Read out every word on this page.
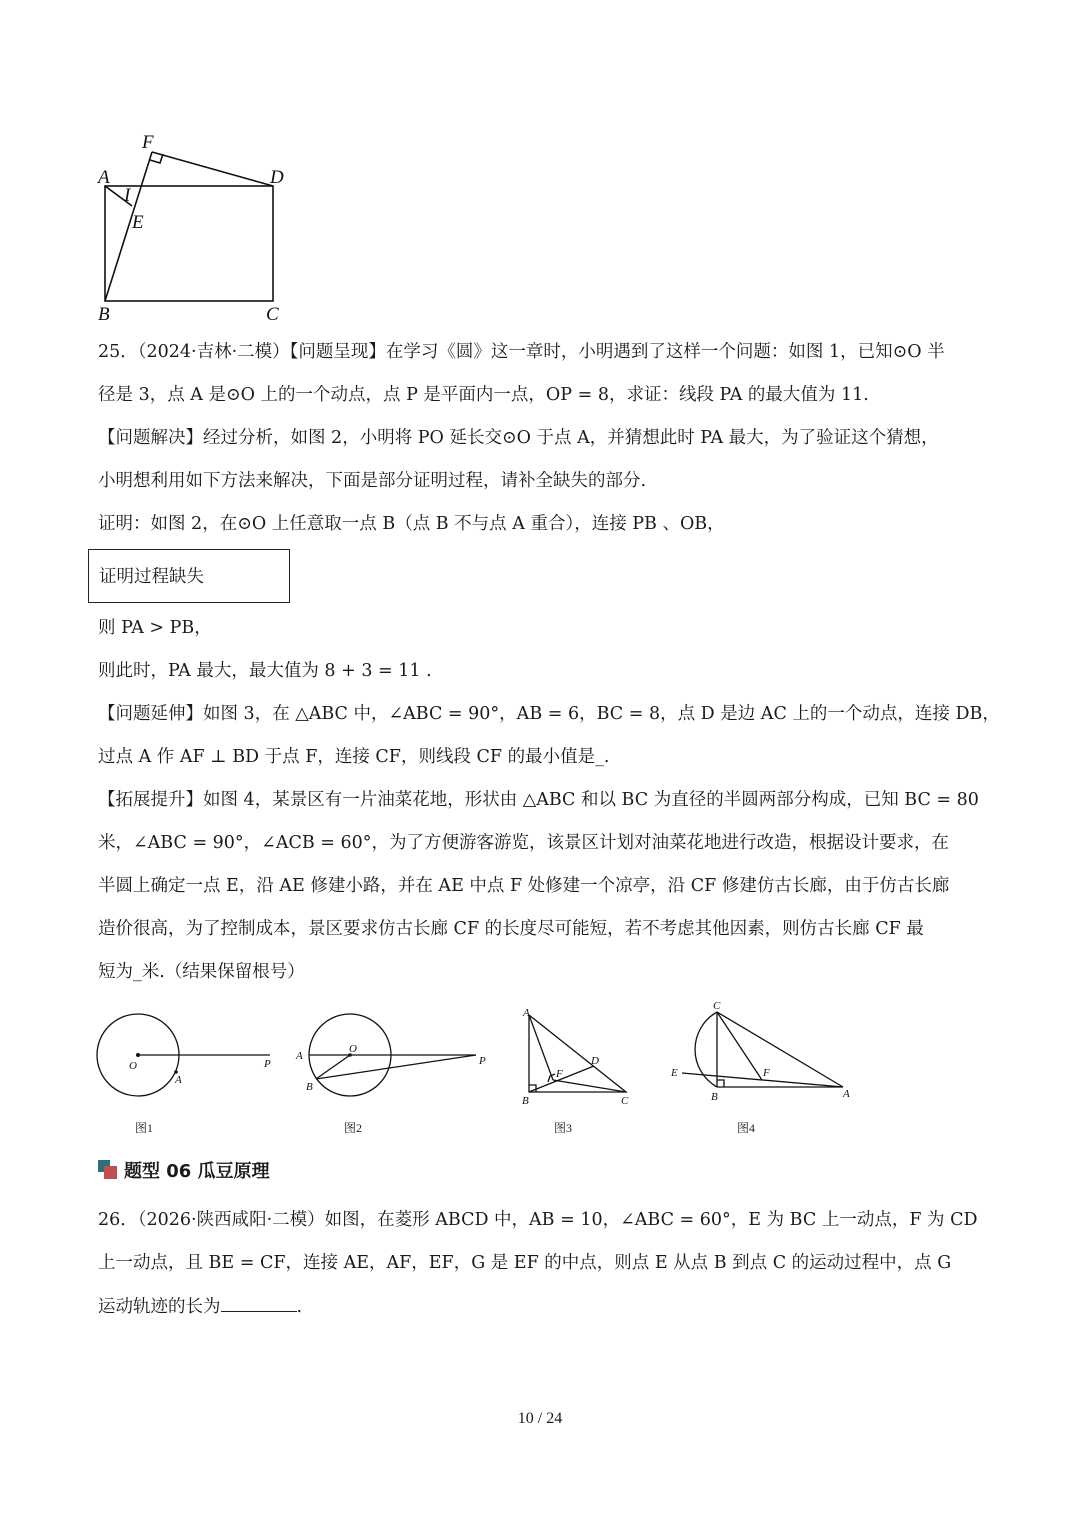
F
A	D
I
E
B	C
25．（2024·吉林·二模）【问题呈现】在学习《圆》这一章时，小明遇到了这样一个问题：如图 1，已知⊙O 半
径是 3，点 A 是⊙O 上的一个动点，点 P 是平面内一点，OP = 8，求证：线段 PA 的最大值为 11.
【问题解决】经过分析，如图 2，小明将 PO 延长交⊙O 于点 A，并猜想此时 PA 最大，为了验证这个猜想，
小明想利用如下方法来解决，下面是部分证明过程，请补全缺失的部分.
证明：如图 2，在⊙O 上任意取一点 B（点 B 不与点 A 重合），连接 PB 、OB，
证明过程缺失
则 PA > PB，
则此时，PA 最大，最大值为 8 + 3 = 11 .
【问题延伸】如图 3，在 △ABC 中，∠ABC = 90°，AB = 6，BC = 8，点 D 是边 AC 上的一个动点，连接 DB，
过点 A 作 AF ⊥ BD 于点 F，连接 CF，则线段 CF 的最小值是_.
【拓展提升】如图 4，某景区有一片油菜花地，形状由 △ABC 和以 BC 为直径的半圆两部分构成，已知 BC = 80
米，∠ABC = 90°，∠ACB = 60°，为了方便游客游览，该景区计划对油菜花地进行改造，根据设计要求，在
半圆上确定一点 E，沿 AE 修建小路，并在 AE 中点 F 处修建一个凉亭，沿 CF 修建仿古长廊，由于仿古长廊
造价很高，为了控制成本，景区要求仿古长廊 CF 的长度尽可能短，若不考虑其他因素，则仿古长廊 CF 最
短为_米.（结果保留根号）
O
A
P
图1
A
O
B
P
图2
A
D
F
B	C
图3
C
E	F
B	A
图4
题型 06 瓜豆原理
26．（2026·陕西咸阳·二模）如图，在菱形 ABCD 中，AB = 10，∠ABC = 60°，E 为 BC 上一动点，F 为 CD
上一动点，且 BE = CF，连接 AE，AF，EF，G 是 EF 的中点，则点 E 从点 B 到点 C 的运动过程中，点 G
运动轨迹的长为	.
10 / 24
